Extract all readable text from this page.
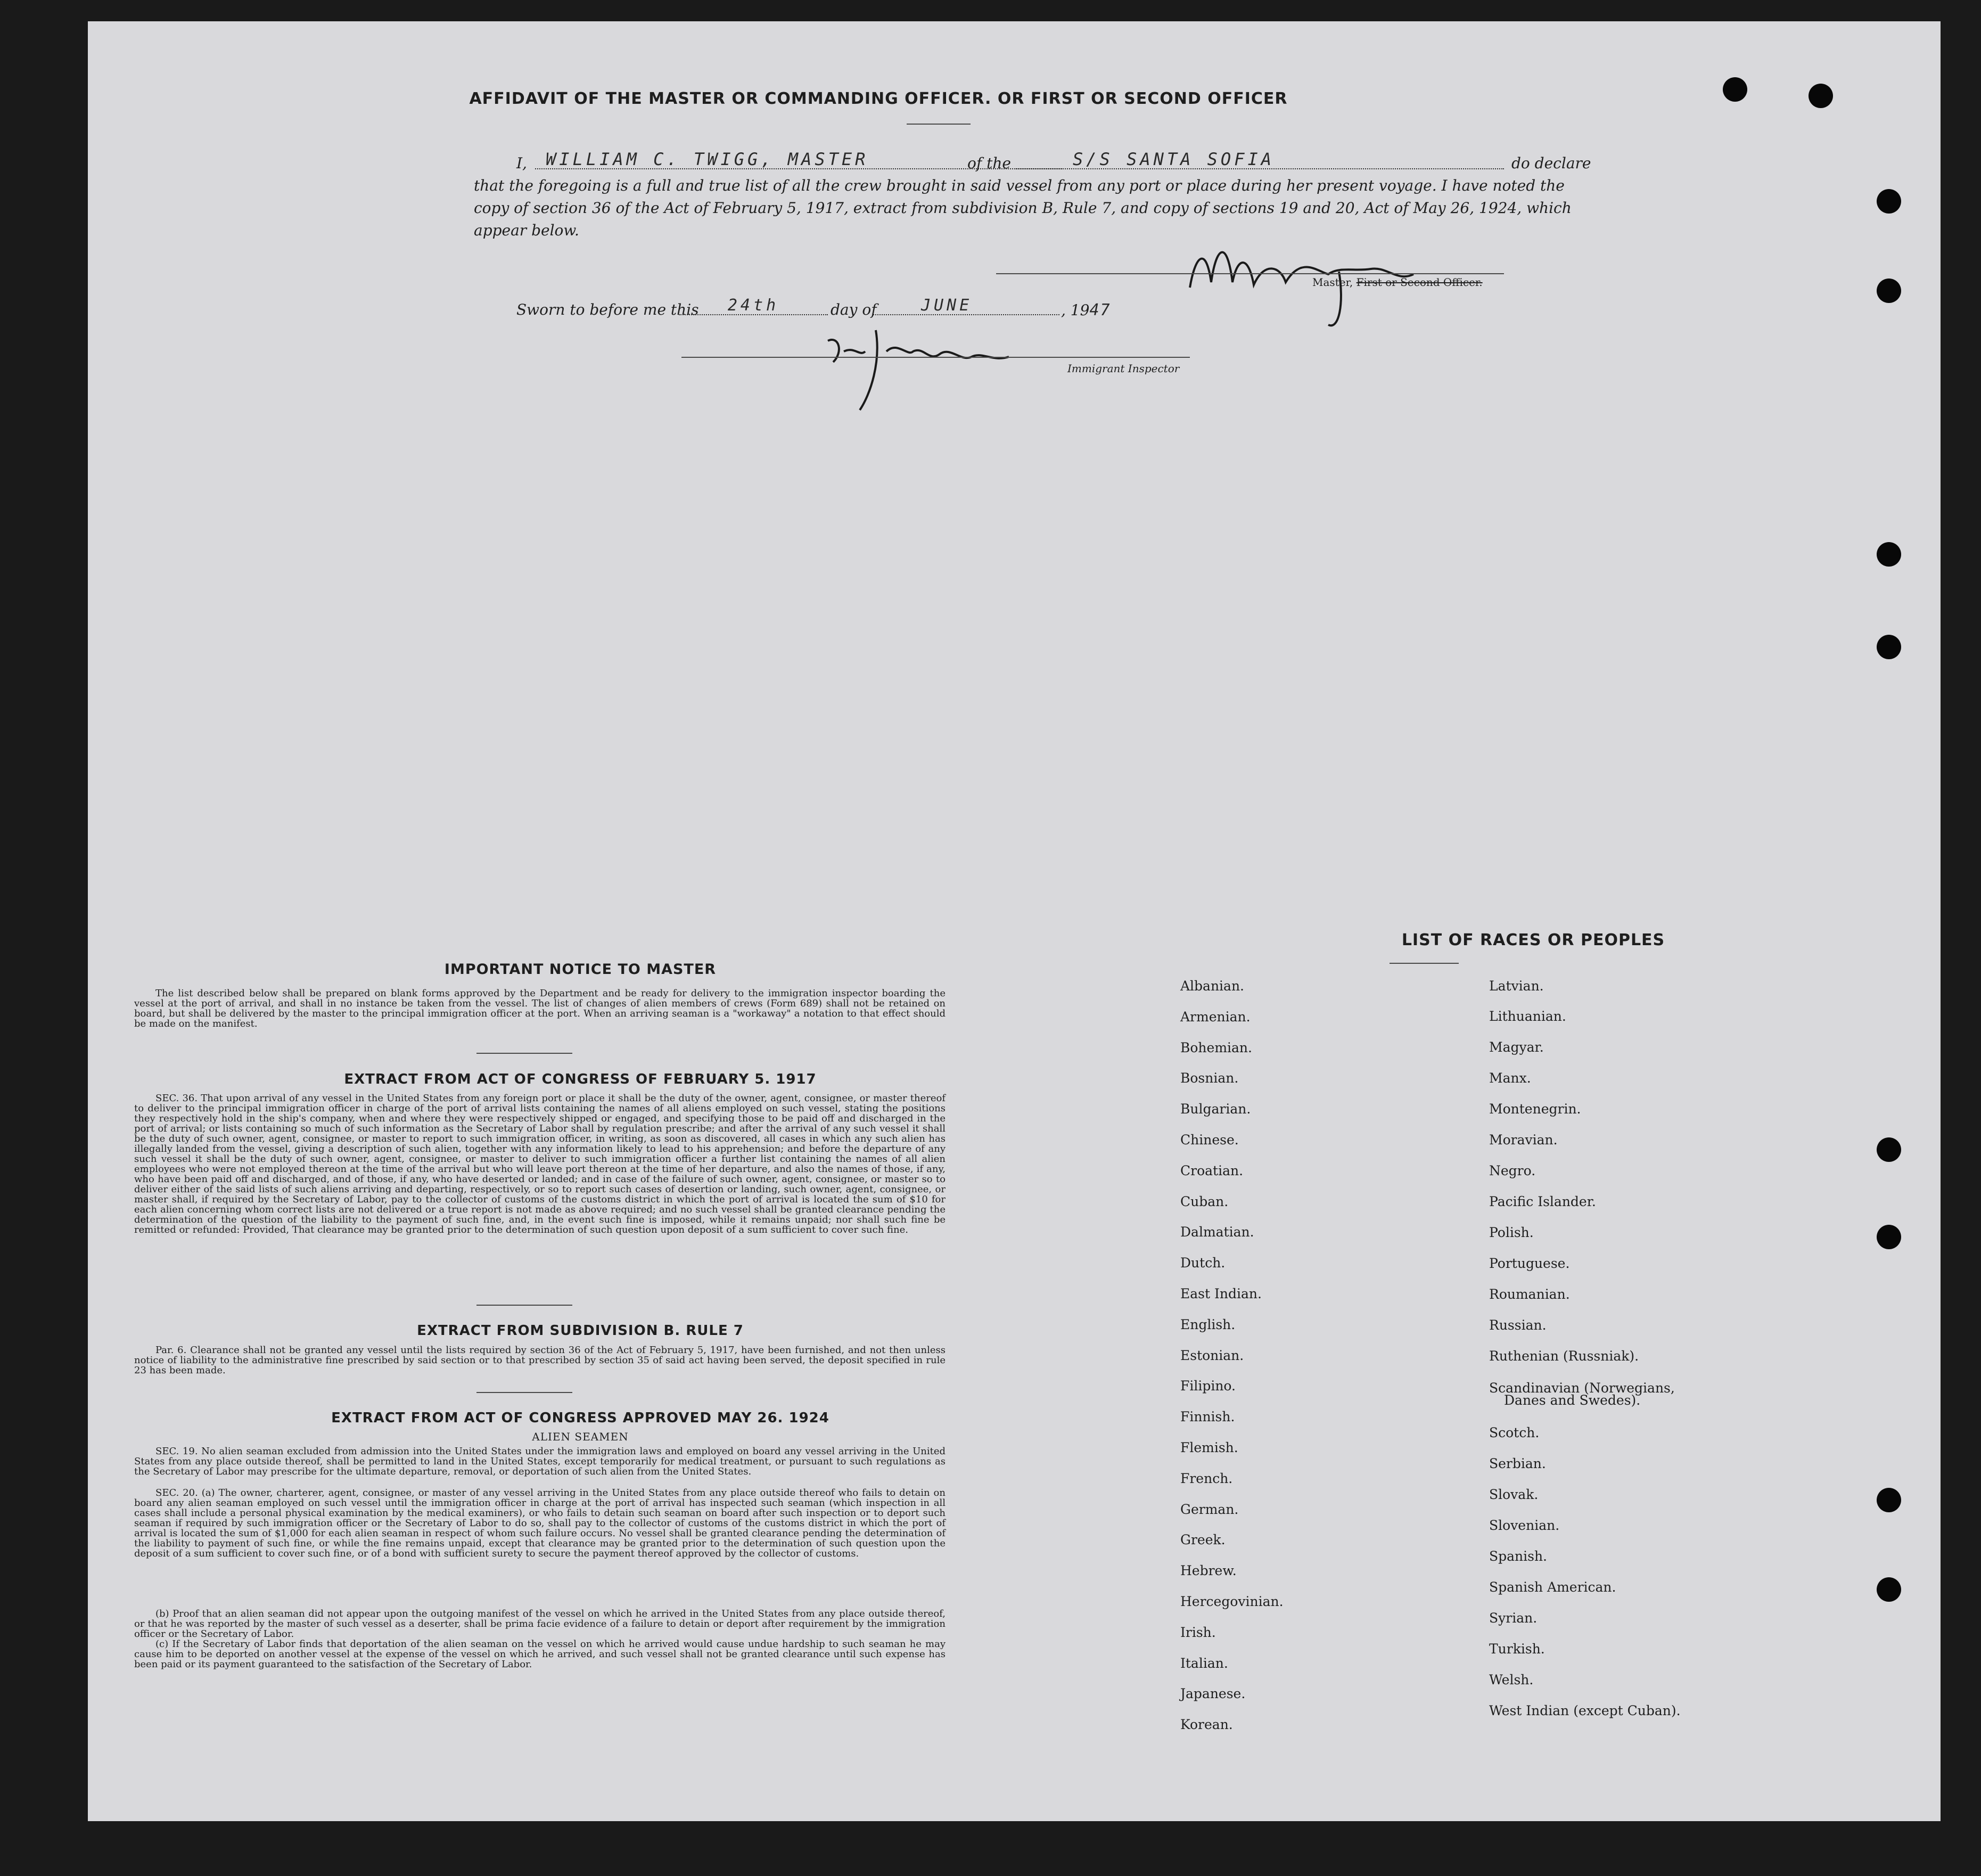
AFFIDAVIT OF THE MASTER OR COMMANDING OFFICER. OR FIRST OR SECOND OFFICER
I,	WILLIAM C. TWIGG, MASTER	of the	S/S SANTA SOFIA	do declare
that the foregoing is a full and true list of all the crew brought in said vessel from any port or place during her present voyage. I have noted the
copy of section 36 of the Act of February 5, 1917, extract from subdivision B, Rule 7, and copy of sections 19 and 20, Act of May 26, 1924, which
appear below.
Master, First or Second Officer.
Sworn to before me this	24th	day of	JUNE	, 1947
Immigrant Inspector
IMPORTANT NOTICE TO MASTER
The list described below shall be prepared on blank forms approved by the Department and be ready for delivery to the immigration inspector boarding the vessel at the port of arrival, and shall in no instance be taken from the vessel. The list of changes of alien members of crews (Form 689) shall not be retained on board, but shall be delivered by the master to the principal immigration officer at the port. When an arriving seaman is a "workaway" a notation to that effect should be made on the manifest.
EXTRACT FROM ACT OF CONGRESS OF FEBRUARY 5. 1917
SEC. 36. That upon arrival of any vessel in the United States from any foreign port or place it shall be the duty of the owner, agent, consignee, or master thereof to deliver to the principal immigration officer in charge of the port of arrival lists containing the names of all aliens employed on such vessel, stating the positions they respectively hold in the ship's company, when and where they were respectively shipped or engaged, and specifying those to be paid off and discharged in the port of arrival; or lists containing so much of such information as the Secretary of Labor shall by regulation prescribe; and after the arrival of any such vessel it shall be the duty of such owner, agent, consignee, or master to report to such immigration officer, in writing, as soon as discovered, all cases in which any such alien has illegally landed from the vessel, giving a description of such alien, together with any information likely to lead to his apprehension; and before the departure of any such vessel it shall be the duty of such owner, agent, consignee, or master to deliver to such immigration officer a further list containing the names of all alien employees who were not employed thereon at the time of the arrival but who will leave port thereon at the time of her departure, and also the names of those, if any, who have been paid off and discharged, and of those, if any, who have deserted or landed; and in case of the failure of such owner, agent, consignee, or master so to deliver either of the said lists of such aliens arriving and departing, respectively, or so to report such cases of desertion or landing, such owner, agent, consignee, or master shall, if required by the Secretary of Labor, pay to the collector of customs of the customs district in which the port of arrival is located the sum of $10 for each alien concerning whom correct lists are not delivered or a true report is not made as above required; and no such vessel shall be granted clearance pending the determination of the question of the liability to the payment of such fine, and, in the event such fine is imposed, while it remains unpaid; nor shall such fine be remitted or refunded: Provided, That clearance may be granted prior to the determination of such question upon deposit of a sum sufficient to cover such fine.
EXTRACT FROM SUBDIVISION B. RULE 7
Par. 6. Clearance shall not be granted any vessel until the lists required by section 36 of the Act of February 5, 1917, have been furnished, and not then unless notice of liability to the administrative fine prescribed by said section or to that prescribed by section 35 of said act having been served, the deposit specified in rule 23 has been made.
EXTRACT FROM ACT OF CONGRESS APPROVED MAY 26. 1924
ALIEN SEAMEN
SEC. 19. No alien seaman excluded from admission into the United States under the immigration laws and employed on board any vessel arriving in the United States from any place outside thereof, shall be permitted to land in the United States, except temporarily for medical treatment, or pursuant to such regulations as the Secretary of Labor may prescribe for the ultimate departure, removal, or deportation of such alien from the United States.
SEC. 20. (a) The owner, charterer, agent, consignee, or master of any vessel arriving in the United States from any place outside thereof who fails to detain on board any alien seaman employed on such vessel until the immigration officer in charge at the port of arrival has inspected such seaman (which inspection in all cases shall include a personal physical examination by the medical examiners), or who fails to detain such seaman on board after such inspection or to deport such seaman if required by such immigration officer or the Secretary of Labor to do so, shall pay to the collector of customs of the customs district in which the port of arrival is located the sum of $1,000 for each alien seaman in respect of whom such failure occurs. No vessel shall be granted clearance pending the determination of the liability to payment of such fine, or while the fine remains unpaid, except that clearance may be granted prior to the determination of such question upon the deposit of a sum sufficient to cover such fine, or of a bond with sufficient surety to secure the payment thereof approved by the collector of customs.
(b) Proof that an alien seaman did not appear upon the outgoing manifest of the vessel on which he arrived in the United States from any place outside thereof, or that he was reported by the master of such vessel as a deserter, shall be prima facie evidence of a failure to detain or deport after requirement by the immigration officer or the Secretary of Labor.
(c) If the Secretary of Labor finds that deportation of the alien seaman on the vessel on which he arrived would cause undue hardship to such seaman he may cause him to be deported on another vessel at the expense of the vessel on which he arrived, and such vessel shall not be granted clearance until such expense has been paid or its payment guaranteed to the satisfaction of the Secretary of Labor.
LIST OF RACES OR PEOPLES
Albanian.
Armenian.
Bohemian.
Bosnian.
Bulgarian.
Chinese.
Croatian.
Cuban.
Dalmatian.
Dutch.
East Indian.
English.
Estonian.
Filipino.
Finnish.
Flemish.
French.
German.
Greek.
Hebrew.
Hercegovinian.
Irish.
Italian.
Japanese.
Korean.
Latvian.
Lithuanian.
Magyar.
Manx.
Montenegrin.
Moravian.
Negro.
Pacific Islander.
Polish.
Portuguese.
Roumanian.
Russian.
Ruthenian (Russniak).
Scandinavian (Norwegians,
Danes and Swedes).
Scotch.
Serbian.
Slovak.
Slovenian.
Spanish.
Spanish American.
Syrian.
Turkish.
Welsh.
West Indian (except Cuban).
